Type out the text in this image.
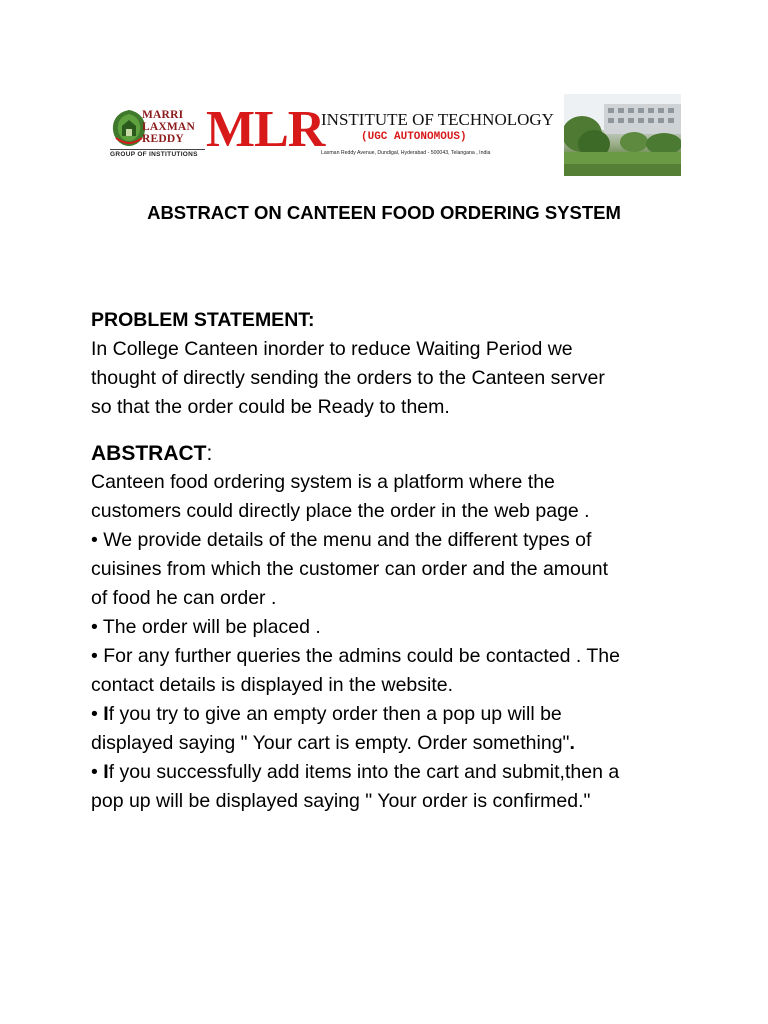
MARRI
LAXMAN
REDDY
GROUP OF INSTITUTIONS MLR
INSTITUTE OF TECHNOLOGY
(UGC AUTONOMOUS)
Laxman Reddy Avenue, Dundigal, Hyderabad - 500043, Telangana , India
ABSTRACT ON CANTEEN FOOD ORDERING SYSTEM

PROBLEM STATEMENT:

In College Canteen inorder to reduce Waiting Period we
thought of directly sending the orders to the Canteen server
so that the order could be Ready to them.

ABSTRACT:

Canteen food ordering system is a platform where the
customers could directly place the order in the web page .

• We provide details of the menu and the different types of
cuisines from which the customer can order and the amount
of food he can order .

• The order will be placed .

• For any further queries the admins could be contacted . The
contact details is displayed in the website.

• If you try to give an empty order then a pop up will be
displayed saying " Your cart is empty. Order something".

• If you successfully add items into the cart and submit,then a
pop up will be displayed saying " Your order is confirmed."
